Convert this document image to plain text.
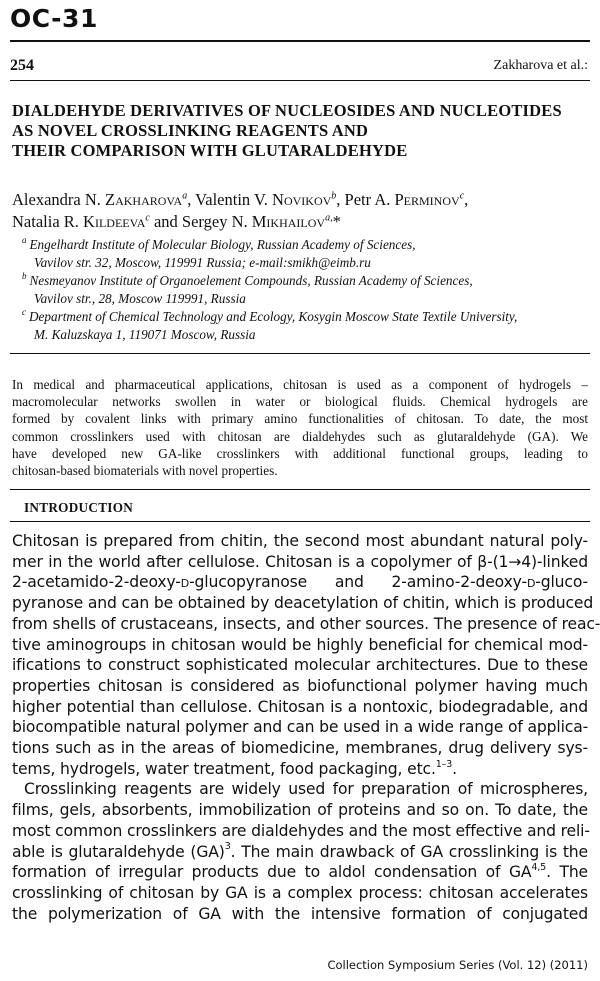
OC-31
254	Zakharova et al.:
DIALDEHYDE DERIVATIVES OF NUCLEOSIDES AND NUCLEOTIDES
AS NOVEL CROSSLINKING REAGENTS AND
THEIR COMPARISON WITH GLUTARALDEHYDE
Alexandra N. Zakharova$^a$, Valentin V. Novikov$^b$, Petr A. Perminov$^c$,
Natalia R. Kildeeva$^c$ and Sergey N. Mikhailov$^{a,}$*
$^a$ Engelhardt Institute of Molecular Biology, Russian Academy of Sciences,
Vavilov str. 32, Moscow, 119991 Russia; e-mail:smikh@eimb.ru
$^b$ Nesmeyanov Institute of Organoelement Compounds, Russian Academy of Sciences,
Vavilov str., 28, Moscow 119991, Russia
$^c$ Department of Chemical Technology and Ecology, Kosygin Moscow State Textile University,
M. Kaluzskaya 1, 119071 Moscow, Russia
In medical and pharmaceutical applications, chitosan is used as a component of hydrogels –
macromolecular networks swollen in water or biological fluids. Chemical hydrogels are
formed by covalent links with primary amino functionalities of chitosan. To date, the most
common crosslinkers used with chitosan are dialdehydes such as glutaraldehyde (GA). We
have developed new GA-like crosslinkers with additional functional groups, leading to
chitosan-based biomaterials with novel properties.
INTRODUCTION
Chitosan is prepared from chitin, the second most abundant natural poly-
mer in the world after cellulose. Chitosan is a copolymer of β-(1→4)-linked
2-acetamido-2-deoxy-d-glucopyranose and 2-amino-2-deoxy-d-gluco-
pyranose and can be obtained by deacetylation of chitin, which is produced
from shells of crustaceans, insects, and other sources. The presence of reac-
tive aminogroups in chitosan would be highly beneficial for chemical mod-
ifications to construct sophisticated molecular architectures. Due to these
properties chitosan is considered as biofunctional polymer having much
higher potential than cellulose. Chitosan is a nontoxic, biodegradable, and
biocompatible natural polymer and can be used in a wide range of applica-
tions such as in the areas of biomedicine, membranes, drug delivery sys-
tems, hydrogels, water treatment, food packaging, etc.$^{1-3}$.
Crosslinking reagents are widely used for preparation of microspheres,
films, gels, absorbents, immobilization of proteins and so on. To date, the
most common crosslinkers are dialdehydes and the most effective and reli-
able is glutaraldehyde (GA)$^3$. The main drawback of GA crosslinking is the
formation of irregular products due to aldol condensation of GA$^{4,5}$. The
crosslinking of chitosan by GA is a complex process: chitosan accelerates
the polymerization of GA with the intensive formation of conjugated
Collection Symposium Series (Vol. 12) (2011)
